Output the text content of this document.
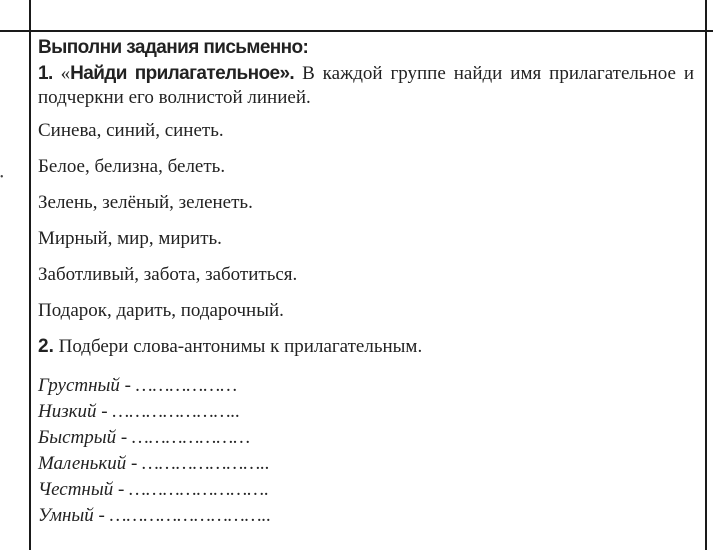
•

Выполни задания письменно:

1. «Найди прилагательное». В каждой группе найди имя прилагательное и подчеркни его волнистой линией.

Синева, синий, синеть.
Белое, белизна, белеть.
Зелень, зелёный, зеленеть.
Мирный, мир, мирить.
Заботливый, забота, заботиться.
Подарок, дарить, подарочный.

2. Подбери слова-антонимы к прилагательным.

Грустный - ………………
Низкий - …………………..
Быстрый - …………………
Маленький - …………………..
Честный - …………………….
Умный - ………………………..
